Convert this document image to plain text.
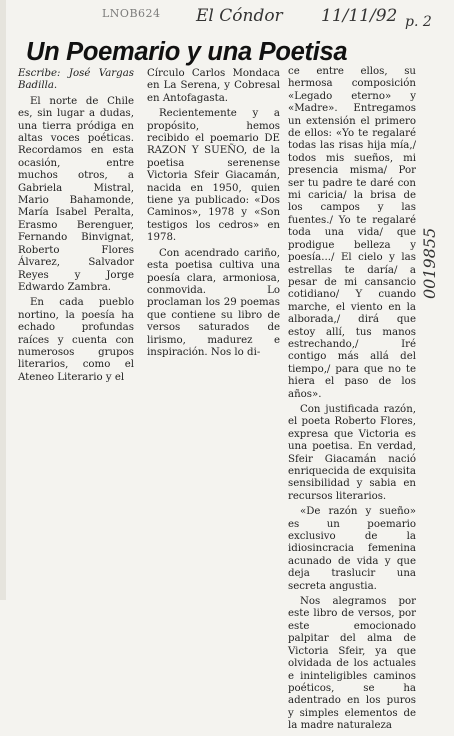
LNOB624 El Cóndor 11/11/92 p. 2
0019855
Un Poemario y una Poetisa

Escribe: José Vargas Badilla.

El norte de Chile es, sin lugar a dudas, una tierra pródiga en altas voces poéticas. Recordamos en esta ocasión, entre muchos otros, a Gabriela Mistral, Mario Bahamonde, María Isabel Peralta, Erasmo Berenguer, Fernando Binvignat, Roberto Flores Álvarez, Salvador Reyes y Jorge Edwardo Zambra.

En cada pueblo nortino, la poesía ha echado profundas raíces y cuenta con numerosos grupos literarios, como el Ateneo Literario y el

Círculo Carlos Mondaca en La Serena, y Cobresal en Antofagasta.

Recientemente y a propósito, hemos recibido el poemario DE RAZON Y SUEÑO, de la poetisa serenense Victoria Sfeir Giacamán, nacida en 1950, quien tiene ya publicado: «Dos Caminos», 1978 y «Son testigos los cedros» en 1978.

Con acendrado cariño, esta poetisa cultiva una poesía clara, armoniosa, conmovida. Lo proclaman los 29 poemas que contiene su libro de versos saturados de lirismo, madurez e inspiración. Nos lo di-

ce entre ellos, su hermosa composición «Legado eterno» y «Madre». Entregamos un extensión el primero de ellos: «Yo te regalaré todas las risas hija mía,/ todos mis sueños, mi presencia misma/ Por ser tu padre te daré con mi caricia/ la brisa de los campos y las fuentes./ Yo te regalaré toda una vida/ que prodigue belleza y poesía.../ El cielo y las estrellas te daría/ a pesar de mi cansancio cotidiano/ Y cuando marche, el viento en la alborada,/ dirá que estoy allí, tus manos estrechando,/ Iré contigo más allá del tiempo,/ para que no te hiera el paso de los años».

Con justificada razón, el poeta Roberto Flores, expresa que Victoria es una poetisa. En verdad, Sfeir Giacamán nació enriquecida de exquisita sensibilidad y sabia en recursos literarios.

«De razón y sueño» es un poemario exclusivo de la idiosincracia femenina acunado de vida y que deja traslucir una secreta angustia.

Nos alegramos por este libro de versos, por este emocionado palpitar del alma de Victoria Sfeir, ya que olvidada de los actuales e ininteligibles caminos poéticos, se ha adentrado en los puros y simples elementos de la madre naturaleza
